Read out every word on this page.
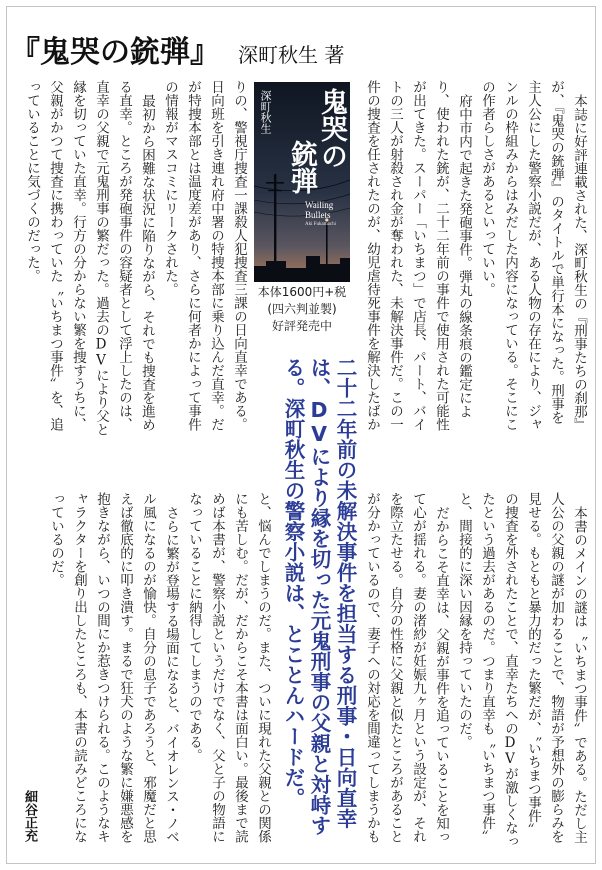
『鬼哭の銃弾』 深町秋生 著
本誌に好評連載された、深町秋生の『刑事たちの刹那』
が、『鬼哭の銃弾』のタイトルで単行本になった。刑事を
主人公にした警察小説だが、ある人物の存在により、ジャ
ンルの枠組みからはみだした内容になっている。そこにこ
の作者らしさがあるといっていい。
府中市内で起きた発砲事件。弾丸の線条痕の鑑定によ
り、使われた銃が、二十二年前の事件で使用された可能性
が出てきた。スーパー「いちまつ」で店長、パート、バイ
トの三人が射殺され金が奪われた、未解決事件だ。この一
件の捜査を任されたのが、幼児虐待死事件を解決したばか
鬼哭の
銃弾
深町秋生
Wailing Bullets
Aki Fukamachi
本体1600円+税
(四六判並製)
好評発売中
りの、警視庁捜査一課殺人犯捜査三課の日向直幸である。
日向班を引き連れ府中署の特捜本部に乗り込んだ直幸。だ
が特捜本部とは温度差があり、さらに何者かによって事件
の情報がマスコミにリークされた。
最初から困難な状況に陥りながら、それでも捜査を進め
る直幸。ところが発砲事件の容疑者として浮上したのは、
直幸の父親で元鬼刑事の繁だった。過去のDVにより父と
縁を切っていた直幸。行方の分からない繁を捜すうちに、
父親がかつて捜査に携わっていた〝いちまつ事件〟を、追
っていることに気づくのだった。
二十二年前の未解決事件を担当する刑事・日向直幸
は、DVにより縁を切った元鬼刑事の父親と対峙す
る。深町秋生の警察小説は、とことんハードだ。	本書のメインの謎は〝いちまつ事件〟である。ただし主
人公の父親の謎が加わることで、物語が予想外の膨らみを
見せる。もともと暴力的だった繁だが、〝いちまつ事件〟
の捜査を外されたことで、直幸たちへのDVが激しくなっ
たという過去があるのだ。つまり直幸も〝いちまつ事件〟
と、間接的に深い因縁を持っていたのだ。
だからこそ直幸は、父親が事件を追っていることを知っ
て心が揺れる。妻の渚紗が妊娠九ヶ月という設定が、それ
を際立たせる。自分の性格に父親と似たところがあること
が分かっているので、妻子への対応を間違ってしまうかも
と、悩んでしまうのだ。また、ついに現れた父親との関係
にも苦しむ。だが、だからこそ本書は面白い。最後まで読
めば本書が、警察小説というだけでなく、父と子の物語に
なっていることに納得してしまうのである。
さらに繁が登場する場面になると、バイオレンス・ノベ
ル風になるのが愉快。自分の息子であろうと、邪魔だと思
えば徹底的に叩き潰す。まるで狂犬のような繁に嫌悪感を
抱きながら、いつの間にか惹きつけられる。このようなキ
ャラクターを創り出したところも、本書の読みどころにな
っているのだ。
細谷正充
